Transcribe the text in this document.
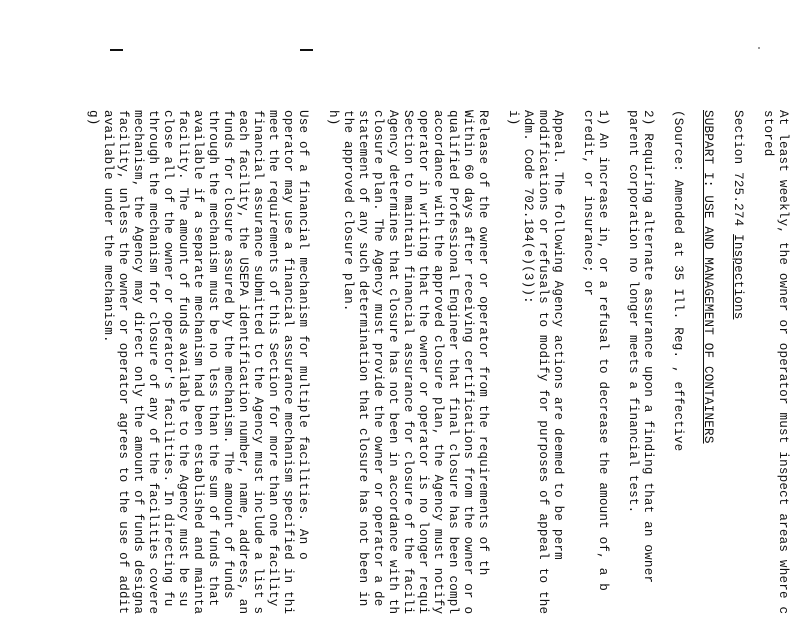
g)	Use of a financial mechanism for multiple facilities. An o
operator may use a financial assurance mechanism specified in thi
meet the requirements of this Section for more than one facility
financial assurance submitted to the Agency must include a list s
each facility, the USEPA identification number, name, address, an
funds for closure assured by the mechanism. The amount of funds
through the mechanism must be no less than the sum of funds that
available if a separate mechanism had been established and mainta
facility. The amount of funds available to the Agency must be su
close all of the owner or operator's facilities. In directing fu
through the mechanism for closure of any of the facilities covere
mechanism, the Agency may direct only the amount of funds designa
facility, unless the owner or operator agrees to the use of addit
available under the mechanism.	h)	Release of the owner or operator from the requirements of th
Within 60 days after receiving certifications from the owner or o
qualified Professional Engineer that final closure has been compl
accordance with the approved closure plan, the Agency must notify
operator in writing that the owner or operator is no longer requi
Section to maintain financial assurance for closure of the facili
Agency determines that closure has not been in accordance with th
closure plan. The Agency must provide the owner or operator a de
statement of any such determination that closure has not been in
the approved closure plan.	i) Appeal. The following Agency actions are deemed to be perm
modifications or refusals to modify for purposes of appeal to the
Adm. Code 702.184(e)(3)):	1) An increase in, or a refusal to decrease the amount of, a b
credit, or insurance; or	2) Requiring alternate assurance upon a finding that an owner
parent corporation no longer meets a financial test. (Source: Amended at 35 Ill. Reg. , effective SUBPART I: USE AND MANAGEMENT OF CONTAINERS Section 725.274 Inspections At least weekly, the owner or operator must inspect areas where c
stored
